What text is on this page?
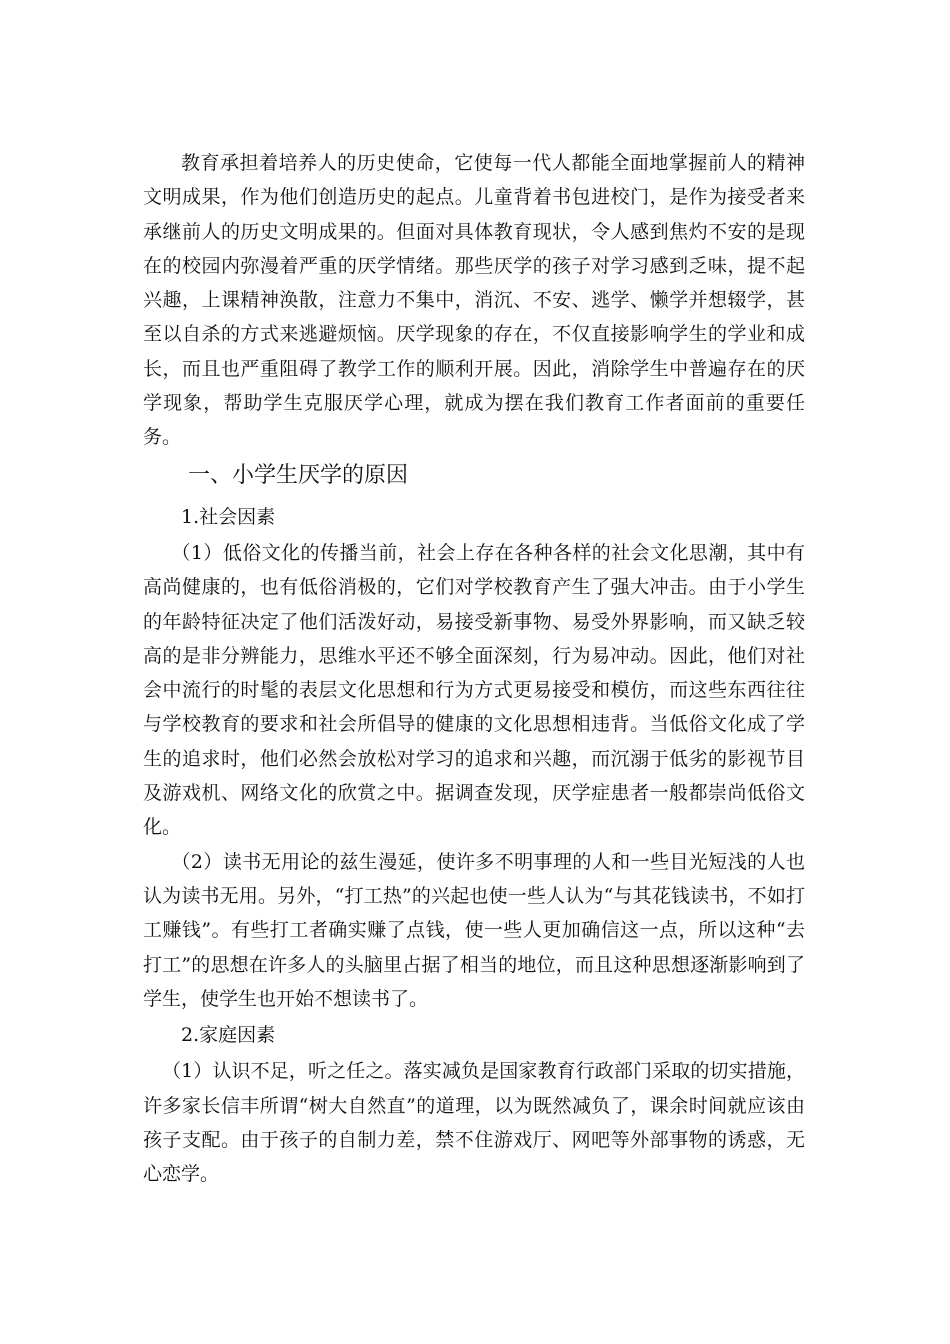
教育承担着培养人的历史使命，它使每一代人都能全面地掌握前人的精神文明成果，作为他们创造历史的起点。儿童背着书包进校门，是作为接受者来承继前人的历史文明成果的。但面对具体教育现状，令人感到焦灼不安的是现在的校园内弥漫着严重的厌学情绪。那些厌学的孩子对学习感到乏味，提不起兴趣，上课精神涣散，注意力不集中，消沉、不安、逃学、懒学并想辍学，甚至以自杀的方式来逃避烦恼。厌学现象的存在，不仅直接影响学生的学业和成长，而且也严重阻碍了教学工作的顺利开展。因此，消除学生中普遍存在的厌学现象，帮助学生克服厌学心理，就成为摆在我们教育工作者面前的重要任务。

一、小学生厌学的原因
1.社会因素

（1）低俗文化的传播当前，社会上存在各种各样的社会文化思潮，其中有高尚健康的，也有低俗消极的，它们对学校教育产生了强大冲击。由于小学生的年龄特征决定了他们活泼好动，易接受新事物、易受外界影响，而又缺乏较高的是非分辨能力，思维水平还不够全面深刻，行为易冲动。因此，他们对社会中流行的时髦的表层文化思想和行为方式更易接受和模仿，而这些东西往往与学校教育的要求和社会所倡导的健康的文化思想相违背。当低俗文化成了学生的追求时，他们必然会放松对学习的追求和兴趣，而沉溺于低劣的影视节目及游戏机、网络文化的欣赏之中。据调查发现，厌学症患者一般都崇尚低俗文化。

（2）读书无用论的兹生漫延，使许多不明事理的人和一些目光短浅的人也认为读书无用。另外，“打工热”的兴起也使一些人认为“与其花钱读书，不如打工赚钱”。有些打工者确实赚了点钱，使一些人更加确信这一点，所以这种“去打工”的思想在许多人的头脑里占据了相当的地位，而且这种思想逐渐影响到了学生，使学生也开始不想读书了。

2.家庭因素

（1）认识不足，听之任之。落实减负是国家教育行政部门采取的切实措施，许多家长信丰所谓“树大自然直”的道理，以为既然减负了，课余时间就应该由孩子支配。由于孩子的自制力差，禁不住游戏厅、网吧等外部事物的诱惑，无心恋学。
